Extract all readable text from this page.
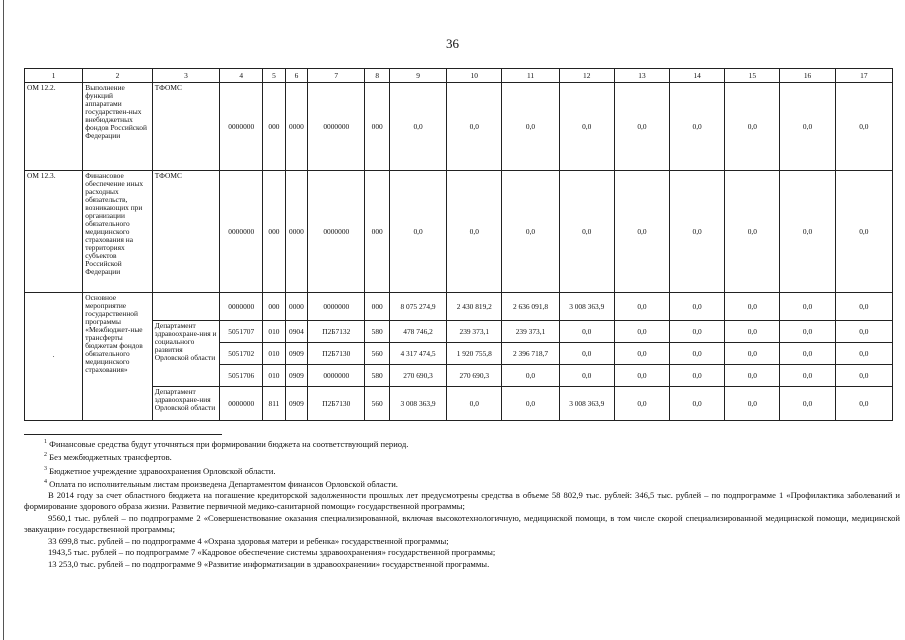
36
1	2	3	4	5	6	7	8	9	10	11	12	13	14	15	16	17
ОМ 12.2.	Выполнение функций аппаратами государствен-ных внебюджетных фондов Российской Федерации	ТФОМС	0000000	000	0000	0000000	000	0,0	0,0	0,0	0,0	0,0	0,0	0,0	0,0	0,0
ОМ 12.3.	Финансовое обеспечение иных расходных обязательств, возникающих при организации обязательного медицинского страхования на территориях субъектов Российской Федерации	ТФОМС	0000000	000	0000	0000000	000	0,0	0,0	0,0	0,0	0,0	0,0	0,0	0,0	0,0
·	Основное мероприятие государственной программы «Межбюджет-ные трансферты бюджетам фондов обязательного медицинского страхования»		0000000	000	0000	0000000	000	8 075 274,9	2 430 819,2	2 636 091,8	3 008 363,9	0,0	0,0	0,0	0,0	0,0
		Департамент здравоохране-ния и социального развития Орловской области	5051707	010	0904	П2Б7132	580	478 746,2	239 373,1	239 373,1	0,0	0,0	0,0	0,0	0,0	0,0
			5051702	010	0909	П2Б7130	560	4 317 474,5	1 920 755,8	2 396 718,7	0,0	0,0	0,0	0,0	0,0	0,0
			5051706	010	0909	0000000	580	270 690,3	270 690,3	0,0	0,0	0,0	0,0	0,0	0,0	0,0
		Департамент здравоохране-ния Орловской области	0000000	811	0909	П2Б7130	560	3 008 363,9	0,0	0,0	3 008 363,9	0,0	0,0	0,0	0,0	0,0
$^1$ Финансовые средства будут уточняться при формировании бюджета на соответствующий период.
$^2$ Без межбюджетных трансфертов.
$^3$ Бюджетное учреждение здравоохранения Орловской области.
$^4$ Оплата по исполнительным листам произведена Департаментом финансов Орловской области.

В 2014 году за счет областного бюджета на погашение кредиторской задолженности прошлых лет предусмотрены средства в объеме 58 802,9 тыс. рублей: 346,5 тыс. рублей – по подпрограмме 1 «Профилактика заболеваний и формирование здорового образа жизни. Развитие первичной медико-санитарной помощи» государственной программы;

9560,1 тыс. рублей – по подпрограмме 2 «Совершенствование оказания специализированной, включая высокотехнологичную, медицинской помощи, в том числе скорой специализированной медицинской помощи, медицинской эвакуации» государственной программы;

33 699,8 тыс. рублей – по подпрограмме 4 «Охрана здоровья матери и ребенка» государственной программы;

1943,5 тыс. рублей – по подпрограмме 7 «Кадровое обеспечение системы здравоохранения» государственной программы;

13 253,0 тыс. рублей – по подпрограмме 9 «Развитие информатизации в здравоохранении» государственной программы.
